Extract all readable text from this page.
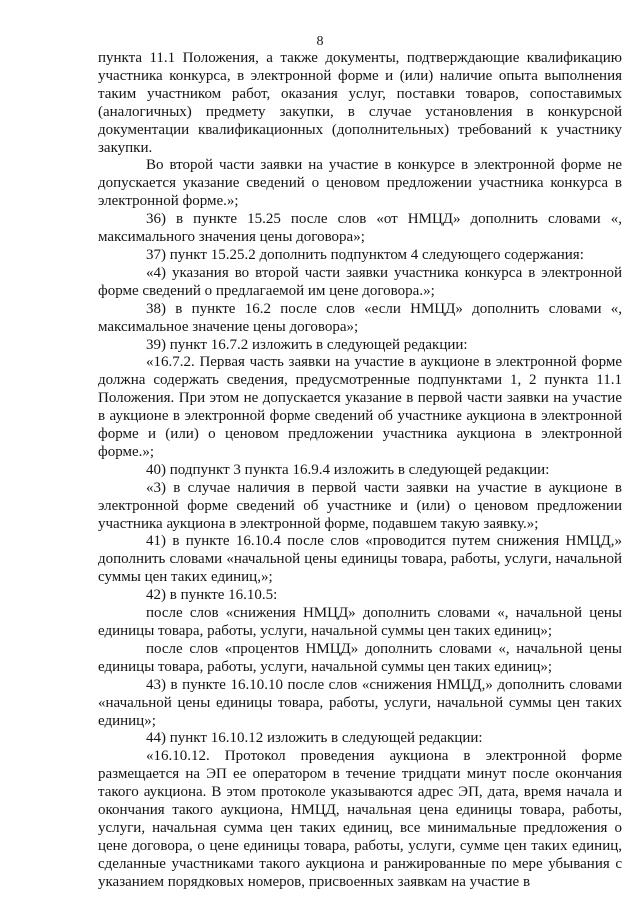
8

пункта 11.1 Положения, а также документы, подтверждающие квалификацию участника конкурса, в электронной форме и (или) наличие опыта выполнения таким участником работ, оказания услуг, поставки товаров, сопоставимых (аналогичных) предмету закупки, в случае установления в конкурсной документации квалификационных (дополнительных) требований к участнику закупки.

Во второй части заявки на участие в конкурсе в электронной форме не допускается указание сведений о ценовом предложении участника конкурса в электронной форме.»;

36) в пункте 15.25 после слов «от НМЦД» дополнить словами «, максимального значения цены договора»;

37) пункт 15.25.2 дополнить подпунктом 4 следующего содержания:

«4) указания во второй части заявки участника конкурса в электронной форме сведений о предлагаемой им цене договора.»;

38) в пункте 16.2 после слов «если НМЦД» дополнить словами «, максимальное значение цены договора»;

39) пункт 16.7.2 изложить в следующей редакции:

«16.7.2. Первая часть заявки на участие в аукционе в электронной форме должна содержать сведения, предусмотренные подпунктами 1, 2 пункта 11.1 Положения. При этом не допускается указание в первой части заявки на участие в аукционе в электронной форме сведений об участнике аукциона в электронной форме и (или) о ценовом предложении участника аукциона в электронной форме.»;

40) подпункт 3 пункта 16.9.4 изложить в следующей редакции:

«3) в случае наличия в первой части заявки на участие в аукционе в электронной форме сведений об участнике и (или) о ценовом предложении участника аукциона в электронной форме, подавшем такую заявку.»;

41) в пункте 16.10.4 после слов «проводится путем снижения НМЦД,» дополнить словами «начальной цены единицы товара, работы, услуги, начальной суммы цен таких единиц,»;

42) в пункте 16.10.5:

после слов «снижения НМЦД» дополнить словами «, начальной цены единицы товара, работы, услуги, начальной суммы цен таких единиц»;

после слов «процентов НМЦД» дополнить словами «, начальной цены единицы товара, работы, услуги, начальной суммы цен таких единиц»;

43) в пункте 16.10.10 после слов «снижения НМЦД,» дополнить словами «начальной цены единицы товара, работы, услуги, начальной суммы цен таких единиц»;

44) пункт 16.10.12 изложить в следующей редакции:

«16.10.12. Протокол проведения аукциона в электронной форме размещается на ЭП ее оператором в течение тридцати минут после окончания такого аукциона. В этом протоколе указываются адрес ЭП, дата, время начала и окончания такого аукциона, НМЦД, начальная цена единицы товара, работы, услуги, начальная сумма цен таких единиц, все минимальные предложения о цене договора, о цене единицы товара, работы, услуги, сумме цен таких единиц, сделанные участниками такого аукциона и ранжированные по мере убывания с указанием порядковых номеров, присвоенных заявкам на участие в
